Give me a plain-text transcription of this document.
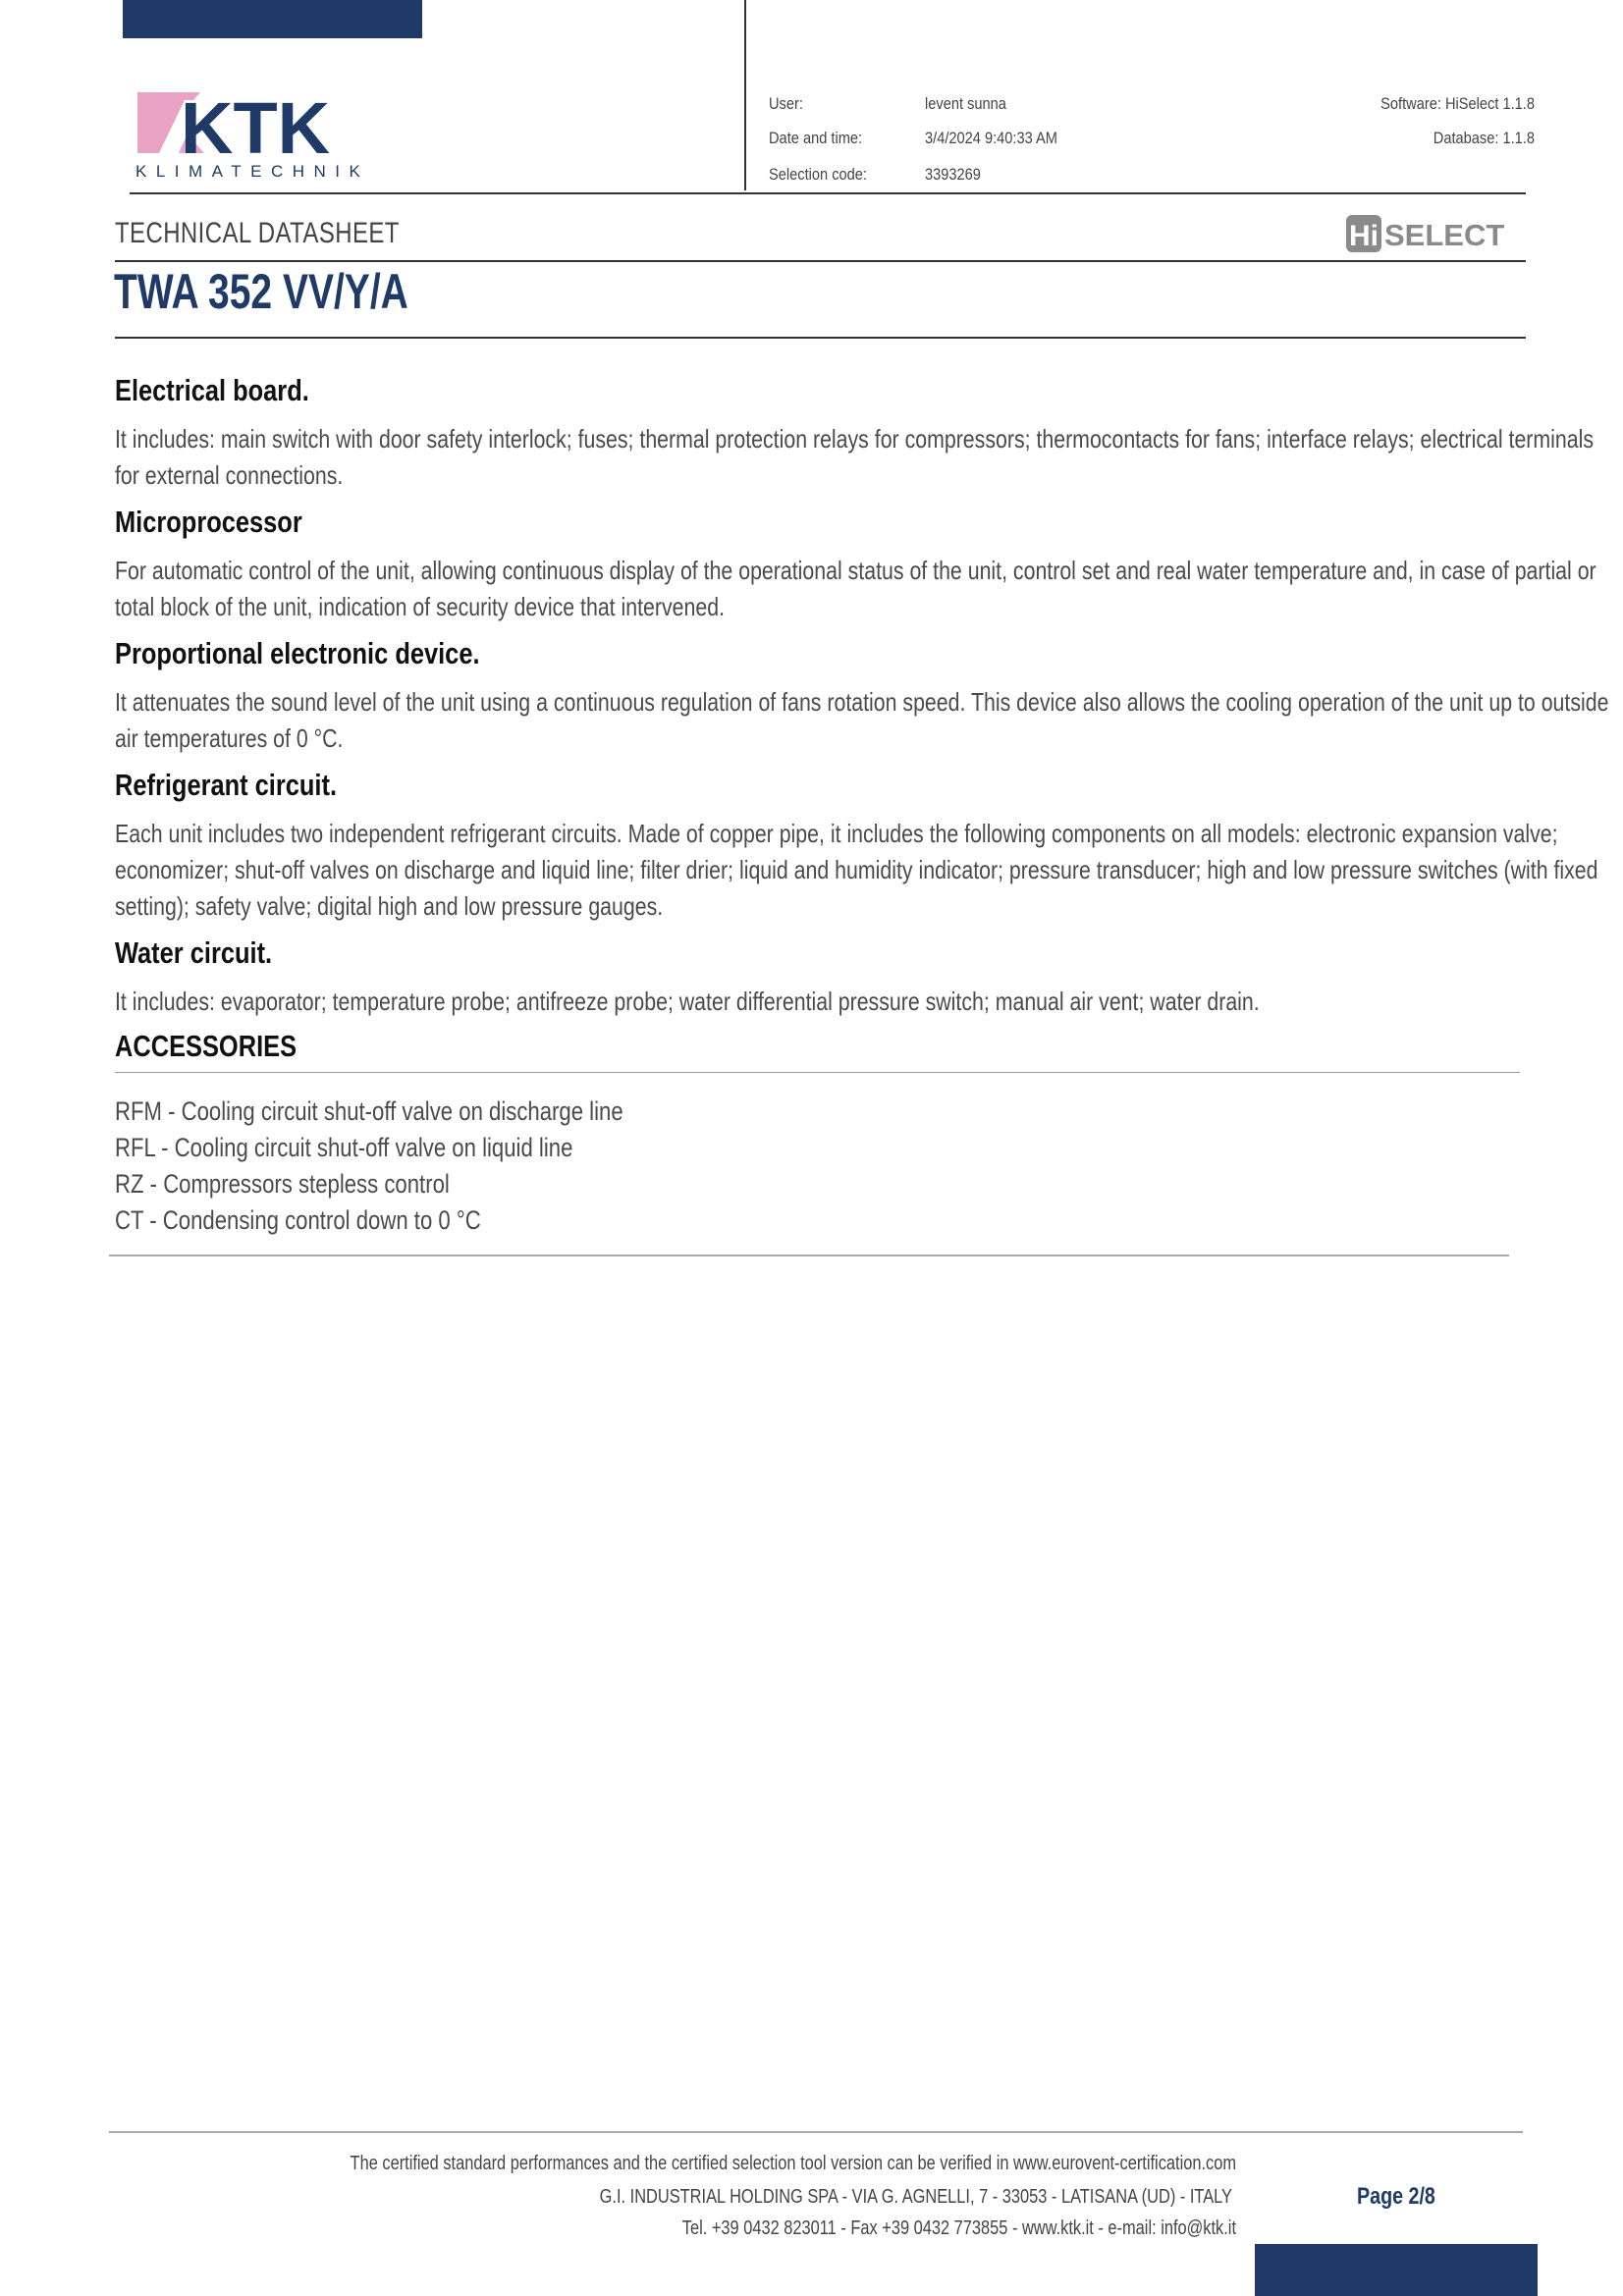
KTK
KLIMATECHNIK
User:	levent sunna
Date and time:	3/4/2024 9:40:33 AM
Selection code:	3393269
Software: HiSelect 1.1.8
Database: 1.1.8
TECHNICAL DATASHEET	Hi SELECT
TWA 352 VV/Y/A
Electrical board.
It includes: main switch with door safety interlock; fuses; thermal protection relays for compressors; thermocontacts for fans; interface relays; electrical terminals for external connections.
Microprocessor
For automatic control of the unit, allowing continuous display of the operational status of the unit, control set and real water temperature and, in case of partial or total block of the unit, indication of security device that intervened.
Proportional electronic device.
It attenuates the sound level of the unit using a continuous regulation of fans rotation speed. This device also allows the cooling operation of the unit up to outside air temperatures of 0 °C.
Refrigerant circuit.
Each unit includes two independent refrigerant circuits. Made of copper pipe, it includes the following components on all models: electronic expansion valve; economizer; shut-off valves on discharge and liquid line; filter drier; liquid and humidity indicator; pressure transducer; high and low pressure switches (with fixed setting); safety valve; digital high and low pressure gauges.
Water circuit.
It includes: evaporator; temperature probe; antifreeze probe; water differential pressure switch; manual air vent; water drain.
ACCESSORIES
RFM - Cooling circuit shut-off valve on discharge line
RFL - Cooling circuit shut-off valve on liquid line
RZ - Compressors stepless control
CT - Condensing control down to 0 °C
The certified standard performances and the certified selection tool version can be verified in www.eurovent-certification.com
G.I. INDUSTRIAL HOLDING SPA - VIA G. AGNELLI, 7 - 33053 - LATISANA (UD) - ITALY
Tel. +39 0432 823011 - Fax +39 0432 773855 - www.ktk.it - e-mail: info@ktk.it
Page 2/8
